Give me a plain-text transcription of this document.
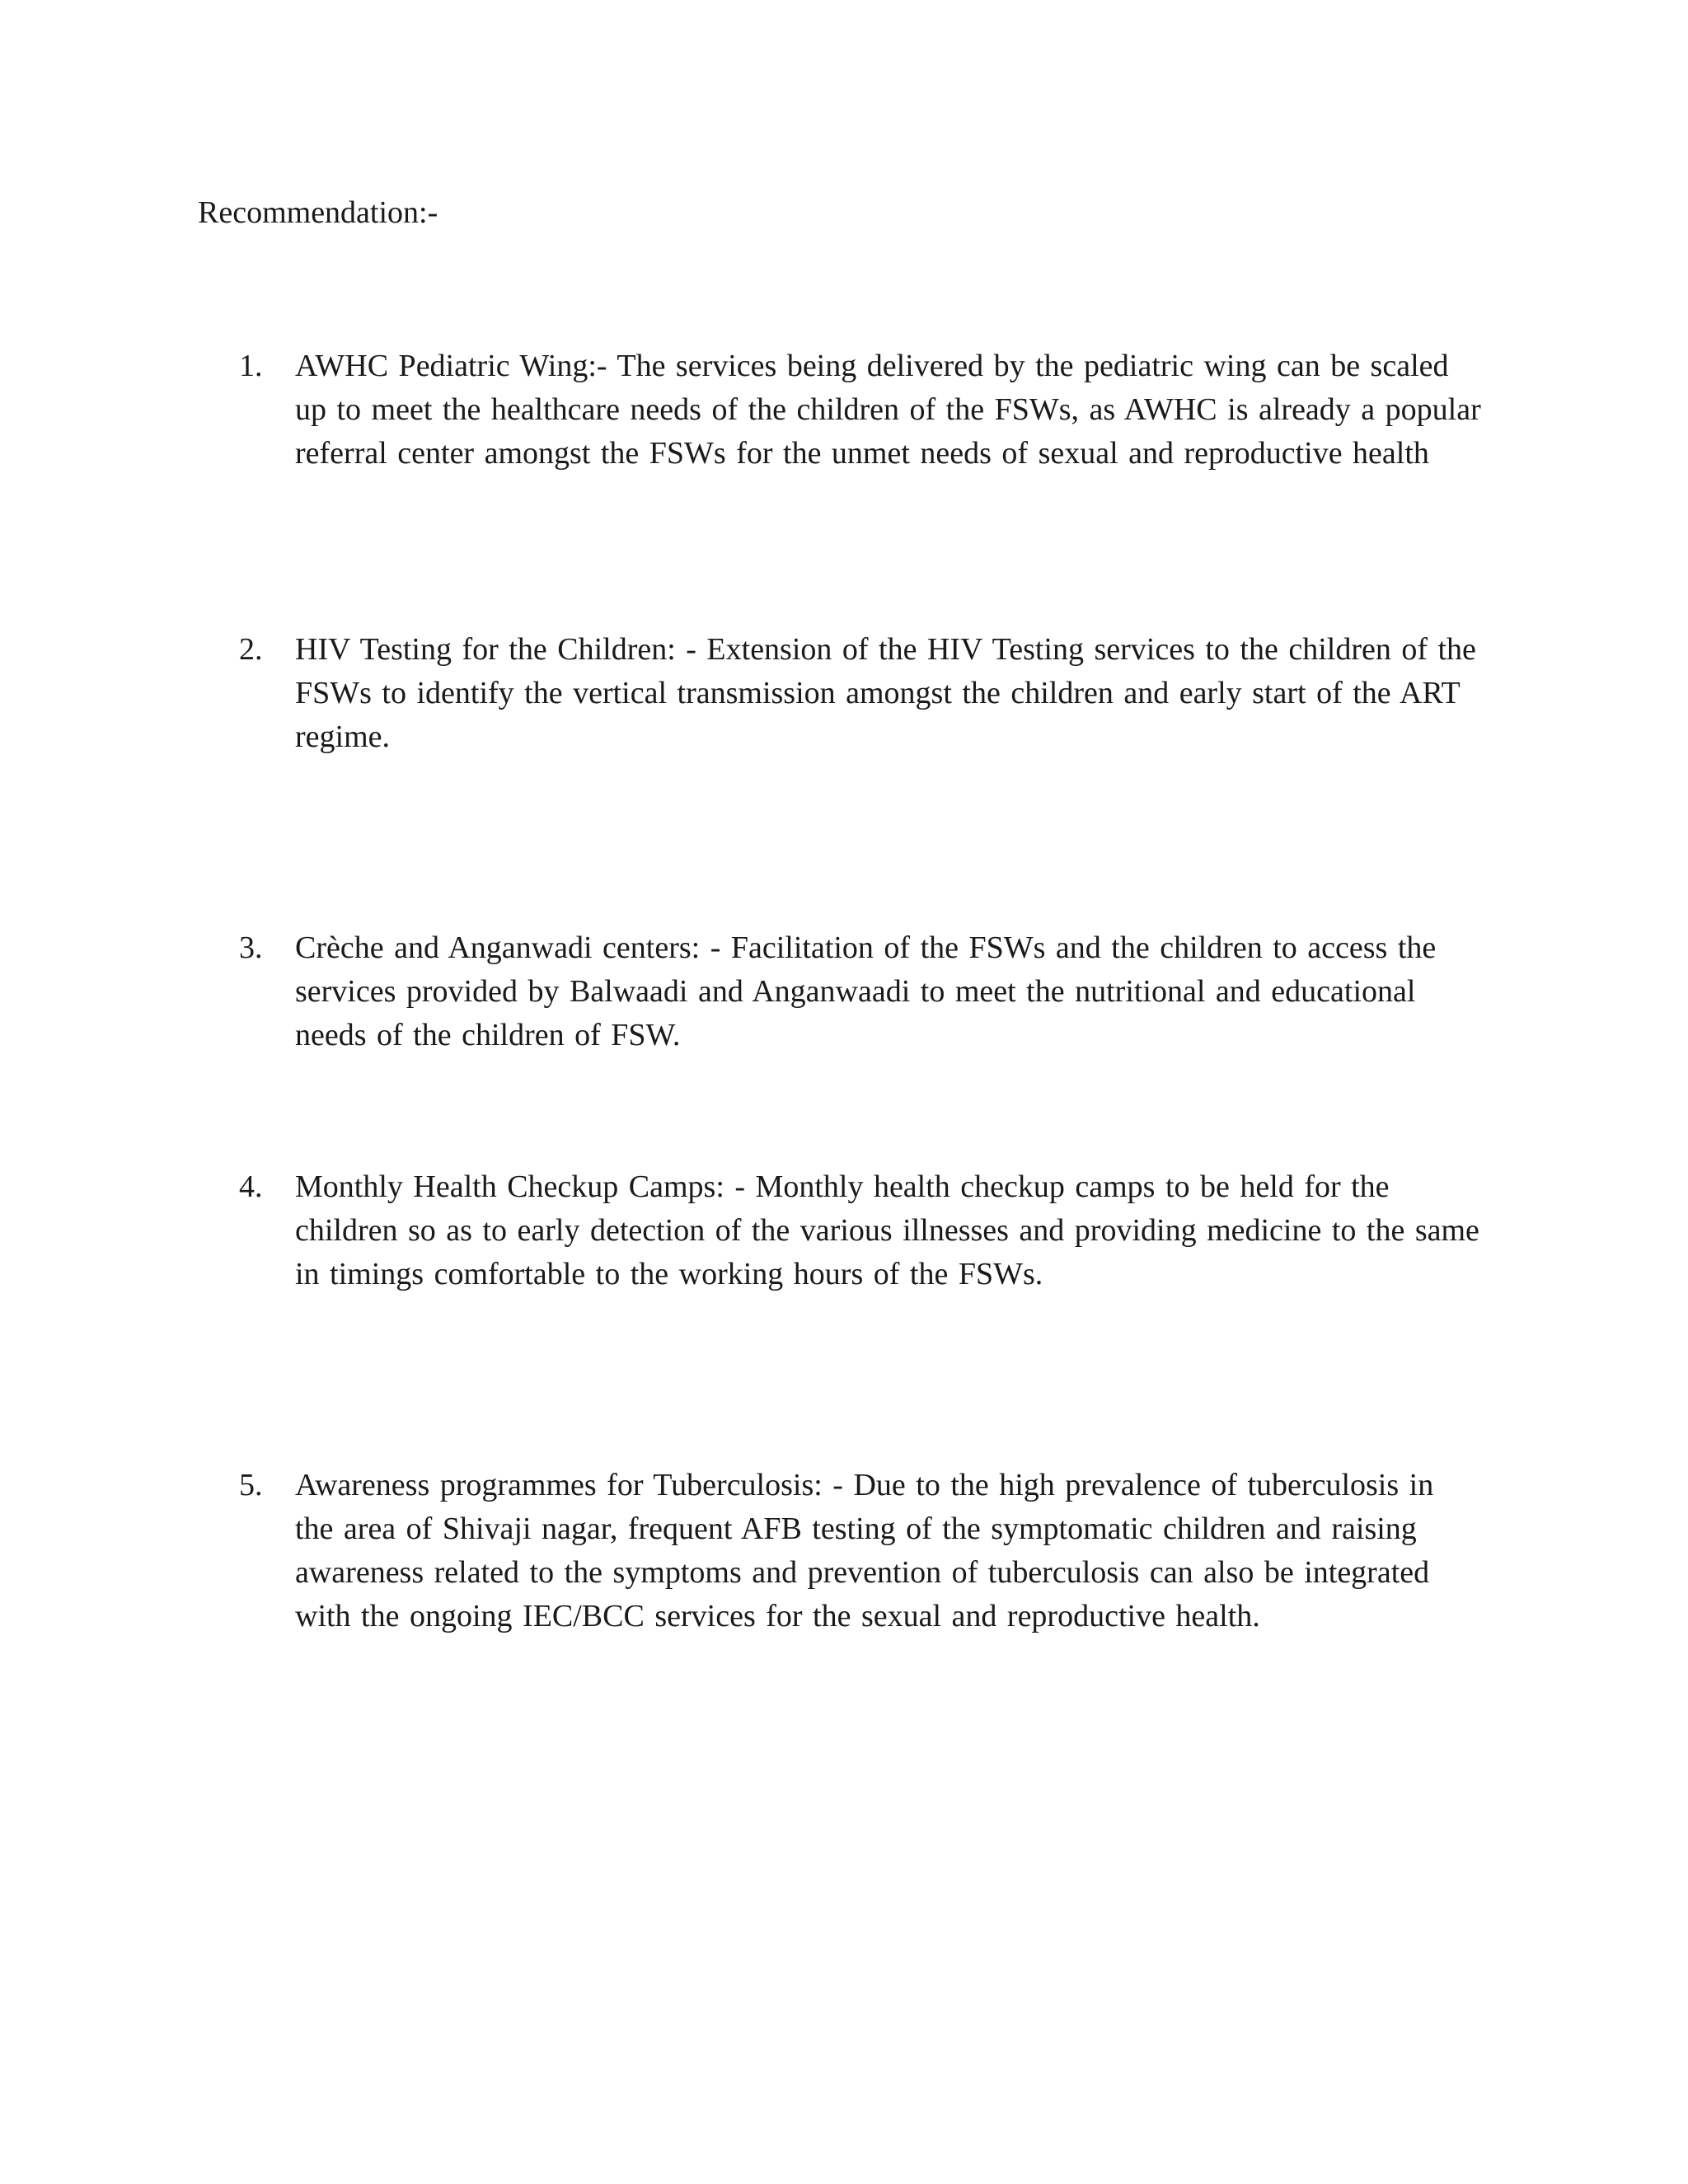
Recommendation:-
1.	AWHC Pediatric Wing:- The services being delivered by the pediatric wing can be scaled up to meet the healthcare needs of the children of the FSWs, as AWHC is already a popular referral center amongst the FSWs for the unmet needs of sexual and reproductive health

2.	HIV Testing for the Children: - Extension of the HIV Testing services to the children of the FSWs to identify the vertical transmission amongst the children and early start of the ART regime.

3.	Crèche and Anganwadi centers: - Facilitation of the FSWs and the children to access the services provided by Balwaadi and Anganwaadi to meet the nutritional and educational needs of the children of FSW.

4.	Monthly Health Checkup Camps: - Monthly health checkup camps to be held for the children so as to early detection of the various illnesses and providing medicine to the same in timings comfortable to the working hours of the FSWs.

5.	Awareness programmes for Tuberculosis: - Due to the high prevalence of tuberculosis in the area of Shivaji nagar, frequent AFB testing of the symptomatic children and raising awareness related to the symptoms and prevention of tuberculosis can also be integrated with the ongoing IEC/BCC services for the sexual and reproductive health.
